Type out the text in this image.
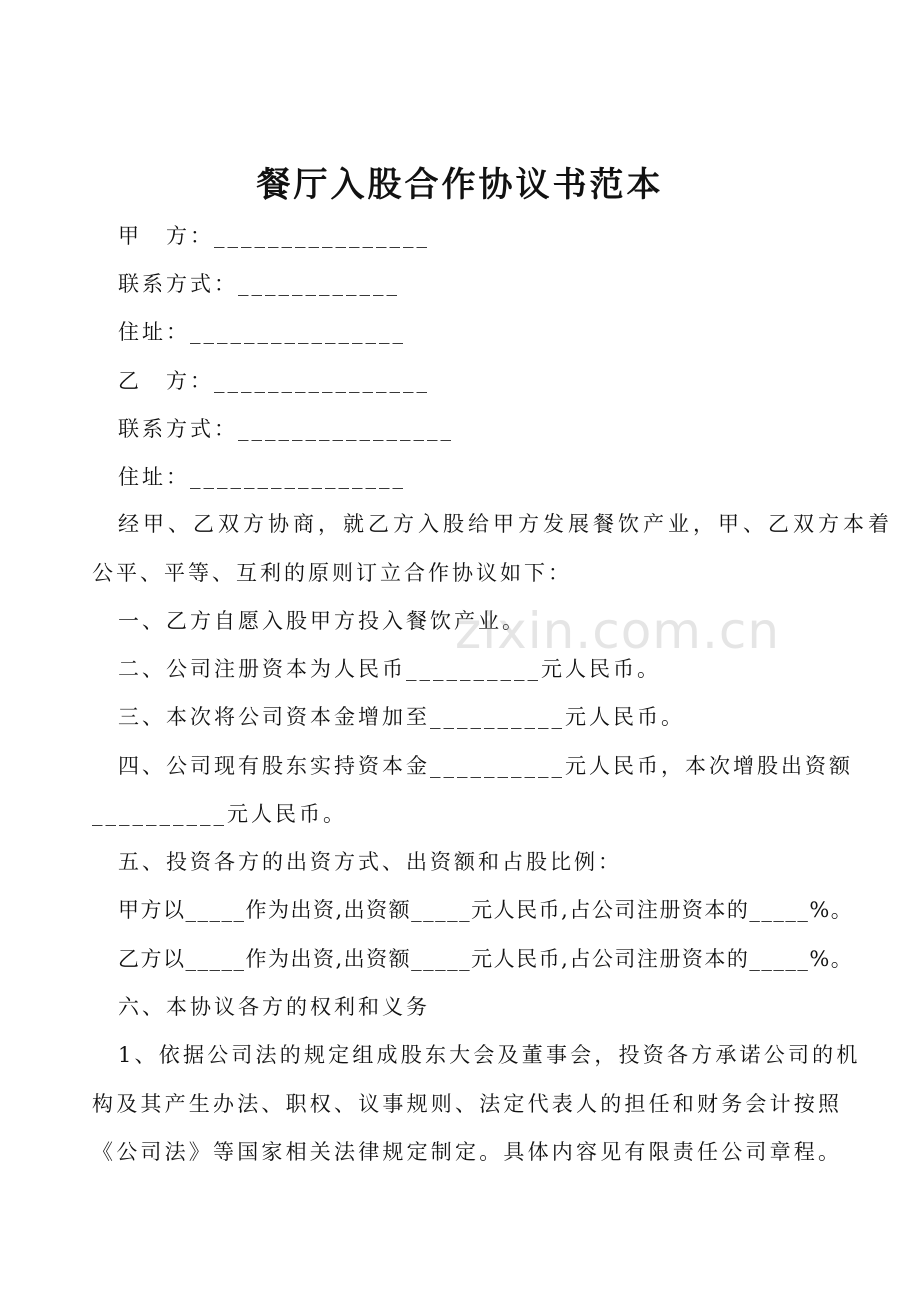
餐厅入股合作协议书范本
甲　方：________________
联系方式：____________
住址：________________
乙　方：________________
联系方式：________________
住址：________________
经甲、乙双方协商，就乙方入股给甲方发展餐饮产业，甲、乙双方本着
公平、平等、互利的原则订立合作协议如下：
一、乙方自愿入股甲方投入餐饮产业。
二、公司注册资本为人民币__________元人民币。
三、本次将公司资本金增加至__________元人民币。
四、公司现有股东实持资本金__________元人民币，本次增股出资额
__________元人民币。
五、投资各方的出资方式、出资额和占股比例：
甲方以_____作为出资,出资额_____元人民币,占公司注册资本的_____%。
乙方以_____作为出资,出资额_____元人民币,占公司注册资本的_____%。
六、本协议各方的权利和义务
1、依据公司法的规定组成股东大会及董事会，投资各方承诺公司的机
构及其产生办法、职权、议事规则、法定代表人的担任和财务会计按照
《公司法》等国家相关法律规定制定。具体内容见有限责任公司章程。
zixin.com.cn
